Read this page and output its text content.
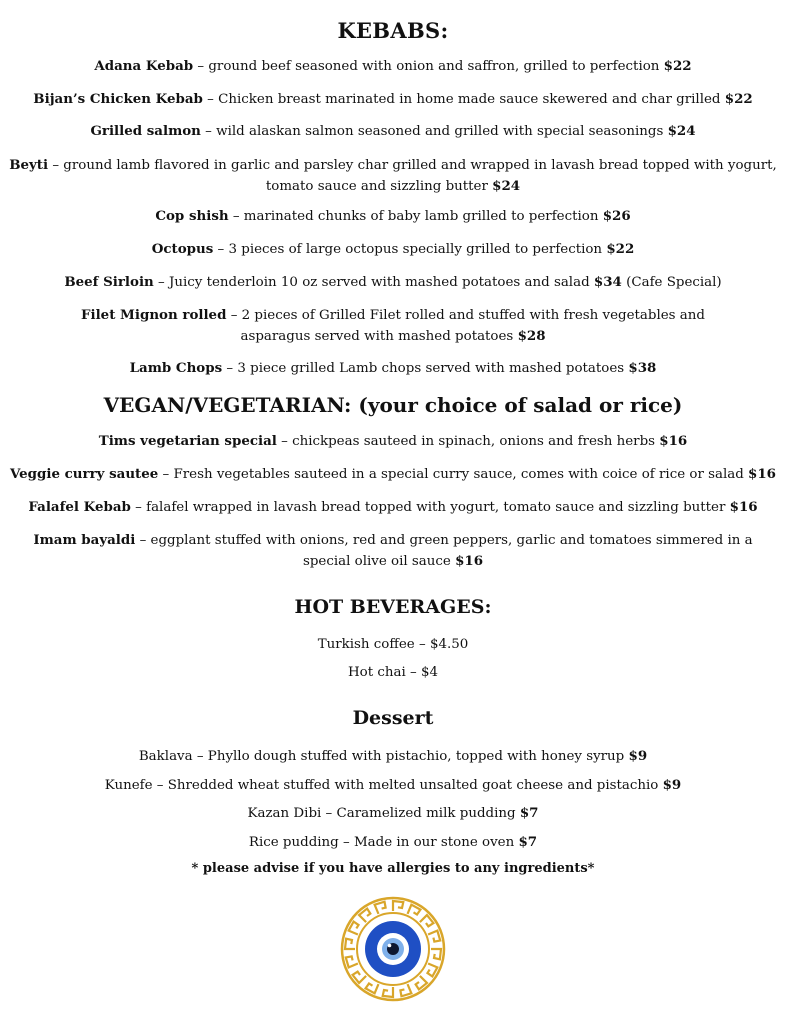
KEBABS:
Adana Kebab – ground beef seasoned with onion and saffron, grilled to perfection $22
Bijan’s Chicken Kebab – Chicken breast marinated in home made sauce skewered and char grilled $22
Grilled salmon – wild alaskan salmon seasoned and grilled with special seasonings $24
Beyti – ground lamb flavored in garlic and parsley char grilled and wrapped in lavash bread topped with yogurt, tomato sauce and sizzling butter $24
Cop shish – marinated chunks of baby lamb grilled to perfection $26
Octopus – 3 pieces of large octopus specially grilled to perfection $22
Beef Sirloin – Juicy tenderloin 10 oz served with mashed potatoes and salad $34 (Cafe Special)
Filet Mignon rolled – 2 pieces of Grilled Filet rolled and stuffed with fresh vegetables and asparagus served with mashed potatoes $28
Lamb Chops – 3 piece grilled Lamb chops served with mashed potatoes $38
VEGAN/VEGETARIAN: (your choice of salad or rice)
Tims vegetarian special – chickpeas sauteed in spinach, onions and fresh herbs $16
Veggie curry sautee – Fresh vegetables sauteed in a special curry sauce, comes with coice of rice or salad $16
Falafel Kebab – falafel wrapped in lavash bread topped with yogurt, tomato sauce and sizzling butter $16
Imam bayaldi – eggplant stuffed with onions, red and green peppers, garlic and tomatoes simmered in a special olive oil sauce $16
HOT BEVERAGES:
Turkish coffee – $4.50
Hot chai – $4
Dessert
Baklava – Phyllo dough stuffed with pistachio, topped with honey syrup $9
Kunefe – Shredded wheat stuffed with melted unsalted goat cheese and pistachio $9
Kazan Dibi – Caramelized milk pudding $7
Rice pudding – Made in our stone oven $7
* please advise if you have allergies to any ingredients*
